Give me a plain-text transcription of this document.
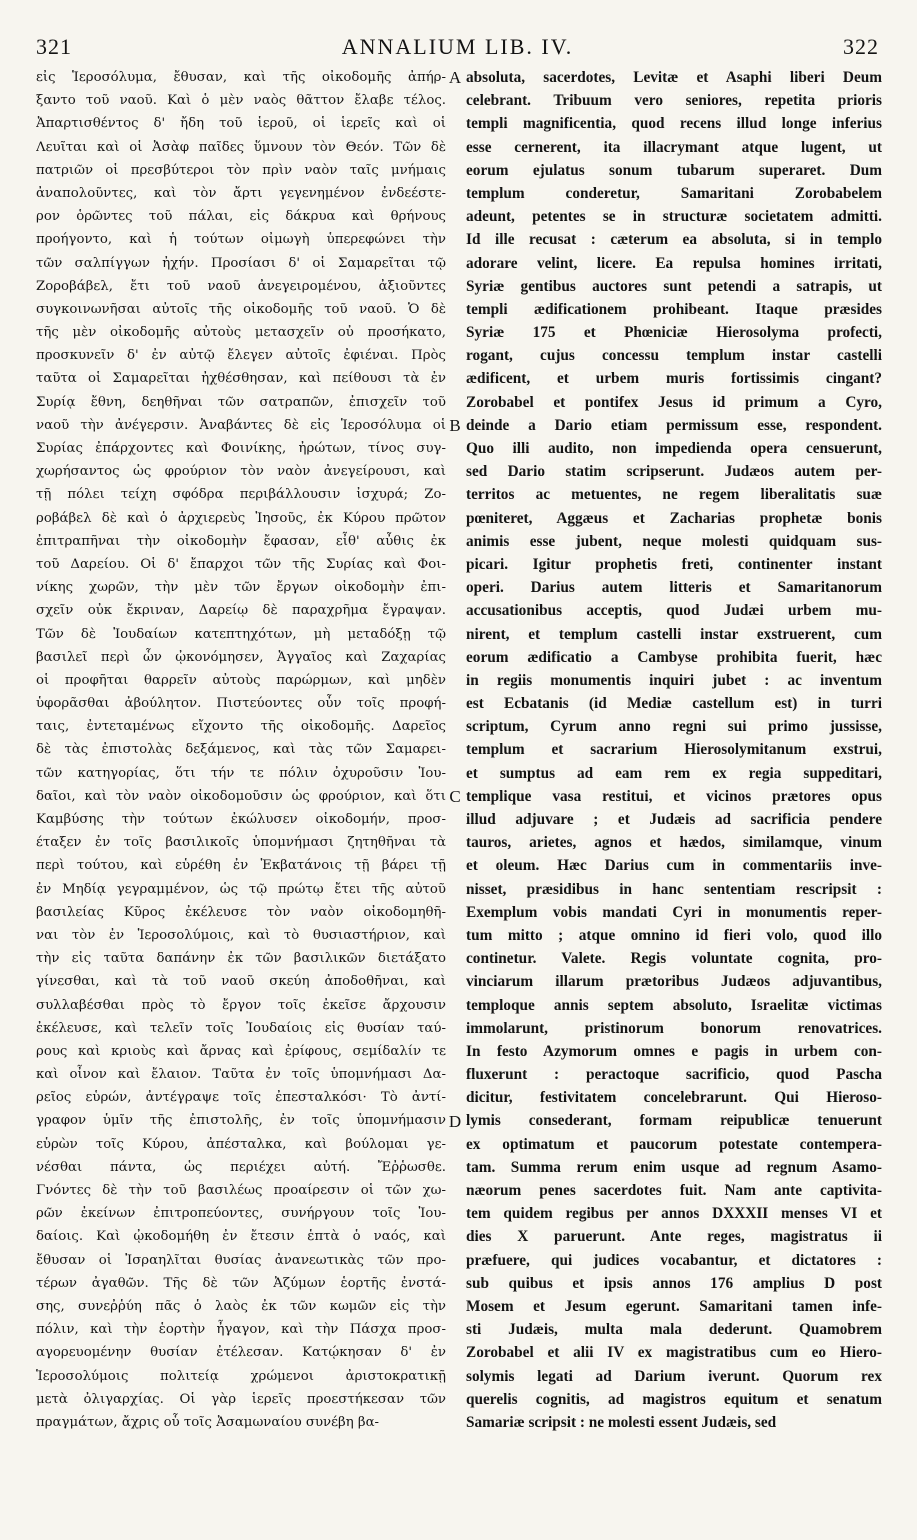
321	ANNALIUM LIB. IV.	322
εἰς Ἱεροσόλυμα, ἔθυσαν, καὶ τῆς οἰκοδομῆς ἀπήρ-
ξαντο τοῦ ναοῦ. Καὶ ὁ μὲν ναὸς θᾶττον ἔλαβε τέλος.
Ἀπαρτισθέντος δ' ἤδη τοῦ ἱεροῦ, οἱ ἱερεῖς καὶ οἱ
Λευῖται καὶ οἱ Ἀσὰφ παῖδες ὕμνουν τὸν Θεόν. Τῶν δὲ
πατριῶν οἱ πρεσβύτεροι τὸν πρὶν ναὸν ταῖς μνήμαις
ἀναπολοῦντες, καὶ τὸν ἄρτι γεγενημένον ἐνδεέστε-
ρον ὁρῶντες τοῦ πάλαι, εἰς δάκρυα καὶ θρήνους
προήγοντο, καὶ ἡ τούτων οἰμωγὴ ὑπερεφώνει τὴν
τῶν σαλπίγγων ἠχήν. Προσίασι δ' οἱ Σαμαρεῖται τῷ
Ζοροβάβελ, ἔτι τοῦ ναοῦ ἀνεγειρομένου, ἀξιοῦντες
συγκοινωνῆσαι αὐτοῖς τῆς οἰκοδομῆς τοῦ ναοῦ. Ὁ δὲ
τῆς μὲν οἰκοδομῆς αὐτοὺς μετασχεῖν οὐ προσήκατο,
προσκυνεῖν δ' ἐν αὐτῷ ἔλεγεν αὐτοῖς ἐφιέναι. Πρὸς
ταῦτα οἱ Σαμαρεῖται ἠχθέσθησαν, καὶ πείθουσι τὰ ἐν
Συρίᾳ ἔθνη, δεηθῆναι τῶν σατραπῶν, ἐπισχεῖν τοῦ
ναοῦ τὴν ἀνέγερσιν. Ἀναβάντες δὲ εἰς Ἱεροσόλυμα οἱ
Συρίας ἐπάρχοντες καὶ Φοινίκης, ἠρώτων, τίνος συγ-
χωρήσαντος ὡς φρούριον τὸν ναὸν ἀνεγείρουσι, καὶ
τῇ πόλει τείχη σφόδρα περιβάλλουσιν ἰσχυρά; Ζο-
ροβάβελ δὲ καὶ ὁ ἀρχιερεὺς Ἰησοῦς, ἐκ Κύρου πρῶτον
ἐπιτραπῆναι τὴν οἰκοδομὴν ἔφασαν, εἶθ' αὖθις ἐκ
τοῦ Δαρείου. Οἱ δ' ἔπαρχοι τῶν τῆς Συρίας καὶ Φοι-
νίκης χωρῶν, τὴν μὲν τῶν ἔργων οἰκοδομὴν ἐπι-
σχεῖν οὐκ ἔκριναν, Δαρείῳ δὲ παραχρῆμα ἔγραψαν.
Τῶν δὲ Ἰουδαίων κατεπτηχότων, μὴ μεταδόξῃ τῷ
βασιλεῖ περὶ ὧν ᾠκονόμησεν, Ἀγγαῖος καὶ Ζαχαρίας
οἱ προφῆται θαρρεῖν αὐτοὺς παρώρμων, καὶ μηδὲν
ὑφορᾶσθαι ἀβούλητον. Πιστεύοντες οὖν τοῖς προφή-
ταις, ἐντεταμένως εἴχοντο τῆς οἰκοδομῆς. Δαρεῖος
δὲ τὰς ἐπιστολὰς δεξάμενος, καὶ τὰς τῶν Σαμαρει-
τῶν κατηγορίας, ὅτι τήν τε πόλιν ὀχυροῦσιν Ἰου-
δαῖοι, καὶ τὸν ναὸν οἰκοδομοῦσιν ὡς φρούριον, καὶ ὅτι
Καμβύσης τὴν τούτων ἐκώλυσεν οἰκοδομήν, προσ-
έταξεν ἐν τοῖς βασιλικοῖς ὑπομνήμασι ζητηθῆναι τὰ
περὶ τούτου, καὶ εὑρέθη ἐν Ἐκβατάνοις τῇ βάρει τῇ
ἐν Μηδίᾳ γεγραμμένον, ὡς τῷ πρώτῳ ἔτει τῆς αὐτοῦ
βασιλείας Κῦρος ἐκέλευσε τὸν ναὸν οἰκοδομηθῆ-
ναι τὸν ἐν Ἱεροσολύμοις, καὶ τὸ θυσιαστήριον, καὶ
τὴν εἰς ταῦτα δαπάνην ἐκ τῶν βασιλικῶν διετάξατο
γίνεσθαι, καὶ τὰ τοῦ ναοῦ σκεύη ἀποδοθῆναι, καὶ
συλλαβέσθαι πρὸς τὸ ἔργον τοῖς ἐκεῖσε ἄρχουσιν
ἐκέλευσε, καὶ τελεῖν τοῖς Ἰουδαίοις εἰς θυσίαν ταύ-
ρους καὶ κριοὺς καὶ ἄρνας καὶ ἐρίφους, σεμίδαλίν τε
καὶ οἶνον καὶ ἔλαιον. Ταῦτα ἐν τοῖς ὑπομνήμασι Δα-
ρεῖος εὑρών, ἀντέγραψε τοῖς ἐπεσταλκόσι· Τὸ ἀντί-
γραφον ὑμῖν τῆς ἐπιστολῆς, ἐν τοῖς ὑπομνήμασιν
εὑρὼν τοῖς Κύρου, ἀπέσταλκα, καὶ βούλομαι γε-
νέσθαι πάντα, ὡς περιέχει αὐτή. Ἔῤῥωσθε.
Γνόντες δὲ τὴν τοῦ βασιλέως προαίρεσιν οἱ τῶν χω-
ρῶν ἐκείνων ἐπιτροπεύοντες, συνήργουν τοῖς Ἰου-
δαίοις. Καὶ ᾠκοδομήθη ἐν ἔτεσιν ἑπτὰ ὁ ναός, καὶ
ἔθυσαν οἱ Ἰσραηλῖται θυσίας ἀνανεωτικὰς τῶν προ-
τέρων ἀγαθῶν. Τῆς δὲ τῶν Ἀζύμων ἑορτῆς ἐνστά-
σης, συνεῤῥύη πᾶς ὁ λαὸς ἐκ τῶν κωμῶν εἰς τὴν
πόλιν, καὶ τὴν ἑορτὴν ἦγαγον, καὶ τὴν Πάσχα προσ-
αγορευομένην θυσίαν ἐτέλεσαν. Κατῴκησαν δ' ἐν
Ἱεροσολύμοις πολιτείᾳ χρώμενοι ἀριστοκρατικῇ
μετὰ ὀλιγαρχίας. Οἱ γὰρ ἱερεῖς προεστήκεσαν τῶν
πραγμάτων, ἄχρις οὗ τοῖς Ἀσαμωναίου συνέβη βα-
A
B
C
D
absoluta, sacerdotes, Levitæ et Asaphi liberi Deum
celebrant. Tribuum vero seniores, repetita prioris
templi magnificentia, quod recens illud longe inferius
esse cernerent, ita illacrymant atque lugent, ut
eorum ejulatus sonum tubarum superaret. Dum
templum conderetur, Samaritani Zorobabelem
adeunt, petentes se in structuræ societatem admitti.
Id ille recusat : cæterum ea absoluta, si in templo
adorare velint, licere. Ea repulsa homines irritati,
Syriæ gentibus auctores sunt petendi a satrapis, ut
templi ædificationem prohibeant. Itaque præsides
Syriæ 175 et Phœniciæ Hierosolyma profecti,
rogant, cujus concessu templum instar castelli
ædificent, et urbem muris fortissimis cingant?
Zorobabel et pontifex Jesus id primum a Cyro,
deinde a Dario etiam permissum esse, respondent.
Quo illi audito, non impedienda opera censuerunt,
sed Dario statim scripserunt. Judæos autem per-
territos ac metuentes, ne regem liberalitatis suæ
pœniteret, Aggæus et Zacharias prophetæ bonis
animis esse jubent, neque molesti quidquam sus-
picari. Igitur prophetis freti, continenter instant
operi. Darius autem litteris et Samaritanorum
accusationibus acceptis, quod Judæi urbem mu-
nirent, et templum castelli instar exstruerent, cum
eorum ædificatio a Cambyse prohibita fuerit, hæc
in regiis monumentis inquiri jubet : ac inventum
est Ecbatanis (id Mediæ castellum est) in turri
scriptum, Cyrum anno regni sui primo jussisse,
templum et sacrarium Hierosolymitanum exstrui,
et sumptus ad eam rem ex regia suppeditari,
templique vasa restitui, et vicinos prætores opus
illud adjuvare ; et Judæis ad sacrificia pendere
tauros, arietes, agnos et hædos, similamque, vinum
et oleum. Hæc Darius cum in commentariis inve-
nisset, præsidibus in hanc sententiam rescripsit :
Exemplum vobis mandati Cyri in monumentis reper-
tum mitto ; atque omnino id fieri volo, quod illo
continetur. Valete. Regis voluntate cognita, pro-
vinciarum illarum prætoribus Judæos adjuvantibus,
temploque annis septem absoluto, Israelitæ victimas
immolarunt, pristinorum bonorum renovatrices.
In festo Azymorum omnes e pagis in urbem con-
fluxerunt : peractoque sacrificio, quod Pascha
dicitur, festivitatem concelebrarunt. Qui Hieroso-
lymis consederant, formam reipublicæ tenuerunt
ex optimatum et paucorum potestate contempera-
tam. Summa rerum enim usque ad regnum Asamo-
næorum penes sacerdotes fuit. Nam ante captivita-
tem quidem regibus per annos DXXXII menses VI et
dies X paruerunt. Ante reges, magistratus ii
præfuere, qui judices vocabantur, et dictatores :
sub quibus et ipsis annos 176 amplius D post
Mosem et Jesum egerunt. Samaritani tamen infe-
sti Judæis, multa mala dederunt. Quamobrem
Zorobabel et alii IV ex magistratibus cum eo Hiero-
solymis legati ad Darium iverunt. Quorum rex
querelis cognitis, ad magistros equitum et senatum
Samariæ scripsit : ne molesti essent Judæis, sed
